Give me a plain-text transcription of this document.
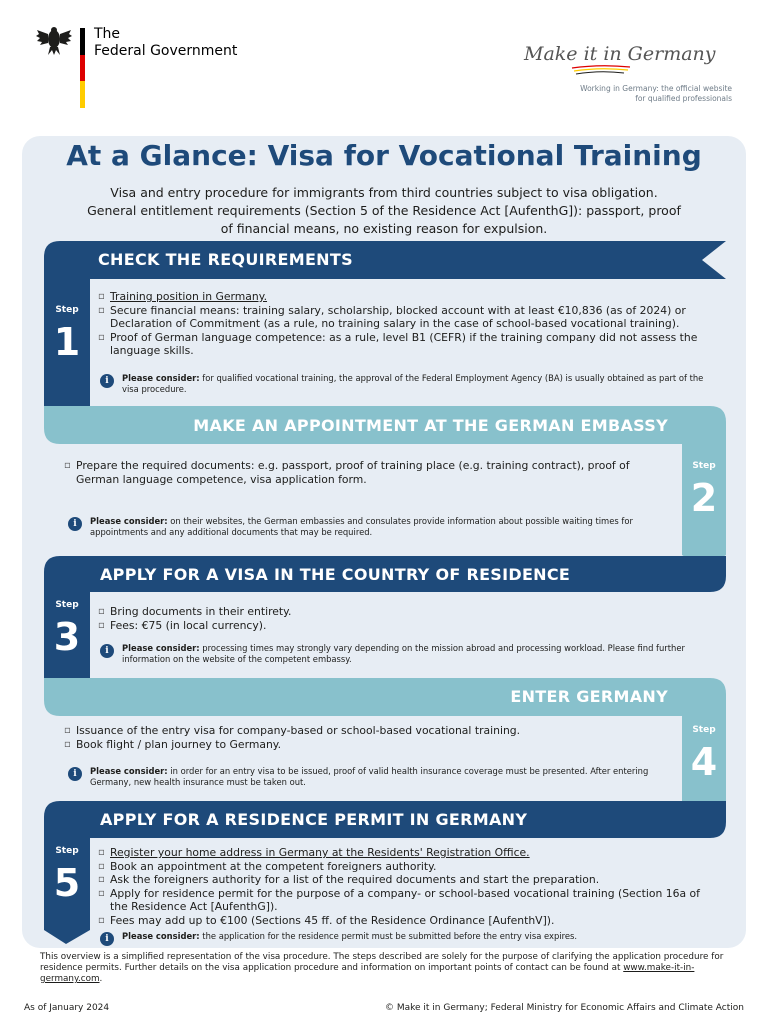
The
Federal Government	Make it in Germany
Working in Germany: the official website
for qualified professionals
At a Glance: Visa for Vocational Training
Visa and entry procedure for immigrants from third countries subject to visa obligation.
General entitlement requirements (Section 5 of the Residence Act [AufenthG]): passport, proof
of financial means, no existing reason for expulsion.
CHECK THE REQUIREMENTS
Step
1
▫ Training position in Germany.
▫ Secure financial means: training salary, scholarship, blocked account with at least €10,836 (as of 2024) or Declaration of Commitment (as a rule, no training salary in the case of school-based vocational training).
▫ Proof of German language competence: as a rule, level B1 (CEFR) if the training company did not assess the language skills.
i	Please consider: for qualified vocational training, the approval of the Federal Employment Agency (BA) is usually obtained as part of the visa procedure.
MAKE AN APPOINTMENT AT THE GERMAN EMBASSY
Step
2
▫ Prepare the required documents: e.g. passport, proof of training place (e.g. training contract), proof of German language competence, visa application form.
i	Please consider: on their websites, the German embassies and consulates provide information about possible waiting times for appointments and any additional documents that may be required.
APPLY FOR A VISA IN THE COUNTRY OF RESIDENCE
Step
3
▫ Bring documents in their entirety.
▫ Fees: €75 (in local currency).
i	Please consider: processing times may strongly vary depending on the mission abroad and processing workload. Please find further information on the website of the competent embassy.
ENTER GERMANY
Step
4
▫ Issuance of the entry visa for company-based or school-based vocational training.
▫ Book flight / plan journey to Germany.
i	Please consider: in order for an entry visa to be issued, proof of valid health insurance coverage must be presented. After entering Germany, new health insurance must be taken out.
APPLY FOR A RESIDENCE PERMIT IN GERMANY
Step
5
▫ Register your home address in Germany at the Residents' Registration Office.
▫ Book an appointment at the competent foreigners authority.
▫ Ask the foreigners authority for a list of the required documents and start the preparation.
▫ Apply for residence permit for the purpose of a company- or school-based vocational training (Section 16a of the Residence Act [AufenthG]).
▫ Fees may add up to €100 (Sections 45 ff. of the Residence Ordinance [AufenthV]).
i	Please consider: the application for the residence permit must be submitted before the entry visa expires.
This overview is a simplified representation of the visa procedure. The steps described are solely for the purpose of clarifying the application procedure for residence permits. Further details on the visa application procedure and information on important points of contact can be found at www.make-it-in-germany.com.
As of January 2024	© Make it in Germany; Federal Ministry for Economic Affairs and Climate Action
